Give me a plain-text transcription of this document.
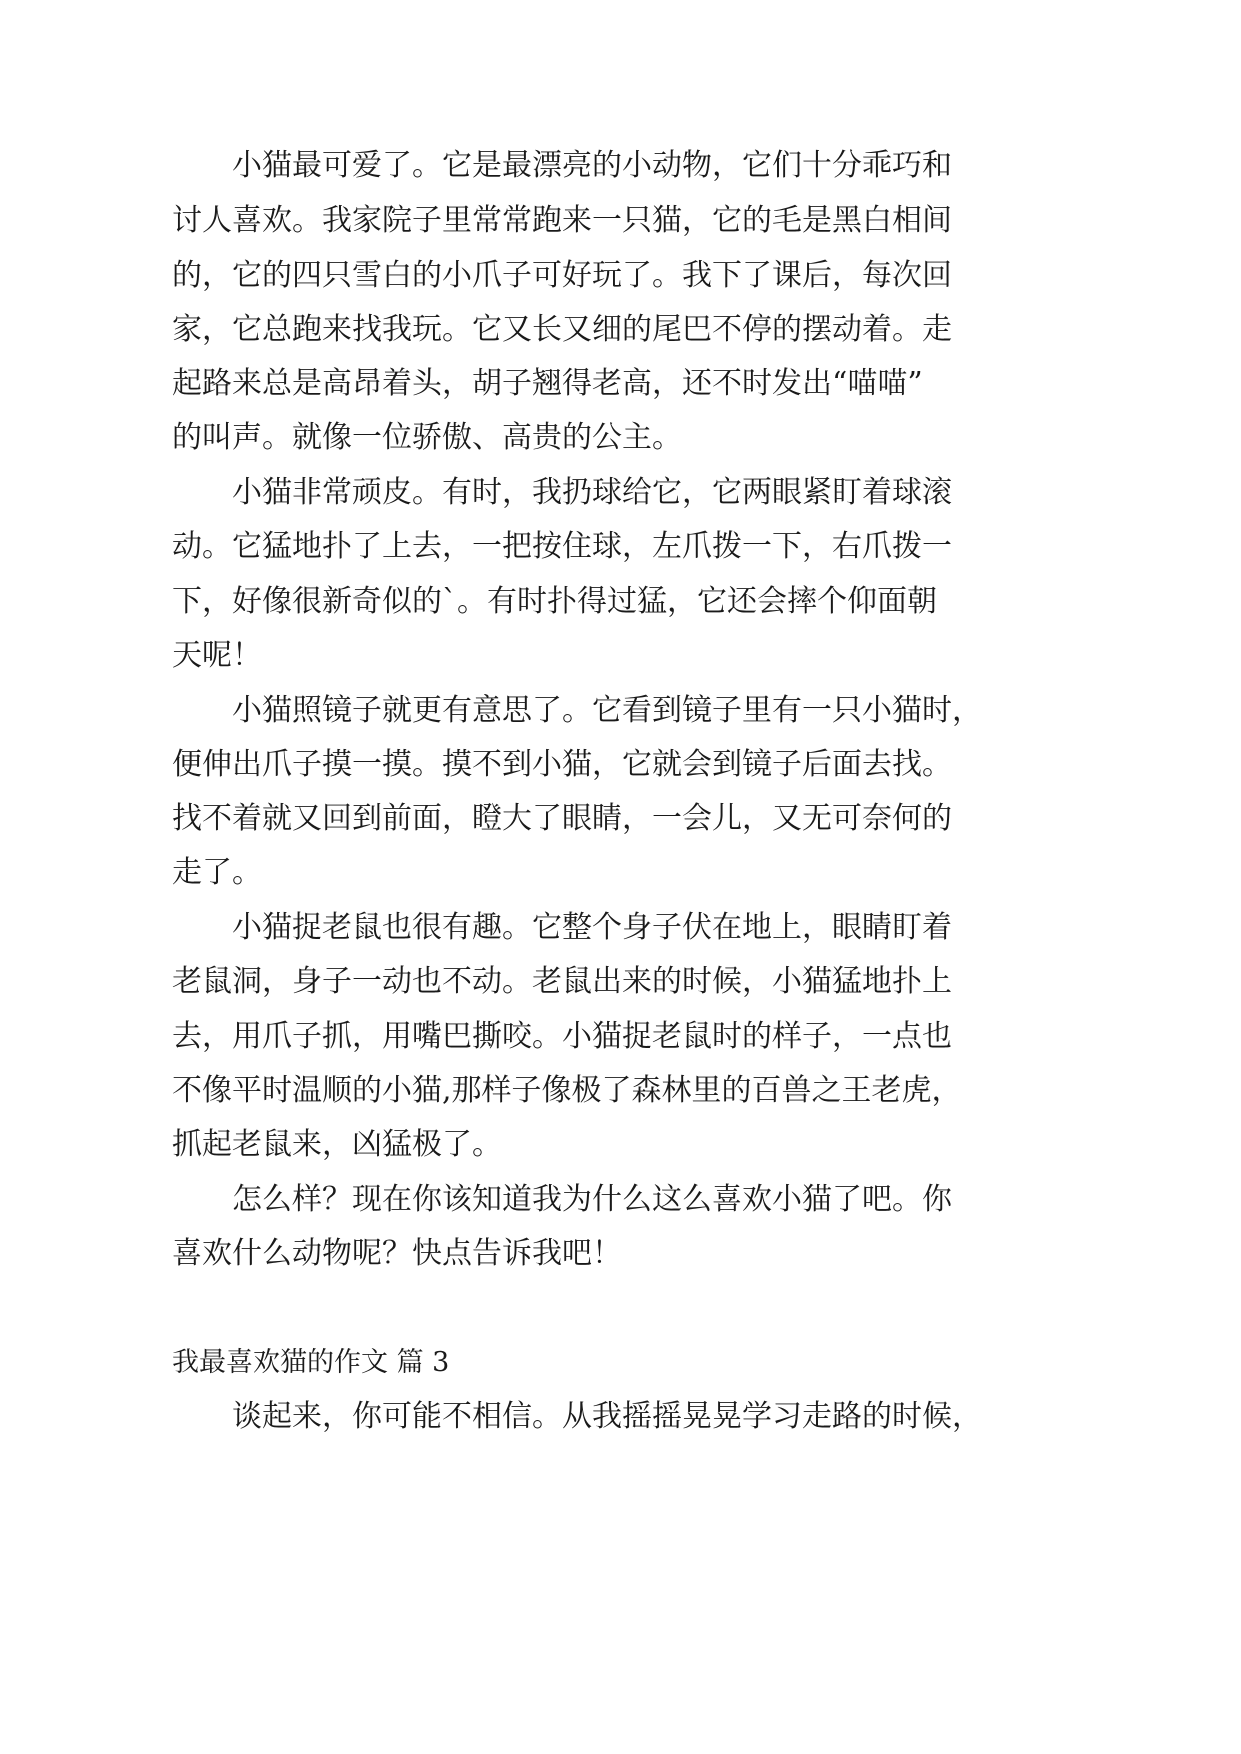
小猫最可爱了。它是最漂亮的小动物，它们十分乖巧和

讨人喜欢。我家院子里常常跑来一只猫，它的毛是黑白相间

的，它的四只雪白的小爪子可好玩了。我下了课后，每次回

家，它总跑来找我玩。它又长又细的尾巴不停的摆动着。走

起路来总是高昂着头，胡子翘得老高，还不时发出“喵喵”

的叫声。就像一位骄傲、高贵的公主。

小猫非常顽皮。有时，我扔球给它，它两眼紧盯着球滚

动。它猛地扑了上去，一把按住球，左爪拨一下，右爪拨一

下，好像很新奇似的`。有时扑得过猛，它还会摔个仰面朝

天呢！

小猫照镜子就更有意思了。它看到镜子里有一只小猫时，

便伸出爪子摸一摸。摸不到小猫，它就会到镜子后面去找。

找不着就又回到前面，瞪大了眼睛，一会儿，又无可奈何的

走了。

小猫捉老鼠也很有趣。它整个身子伏在地上，眼睛盯着

老鼠洞，身子一动也不动。老鼠出来的时候，小猫猛地扑上

去，用爪子抓，用嘴巴撕咬。小猫捉老鼠时的样子，一点也

不像平时温顺的小猫,那样子像极了森林里的百兽之王老虎，

抓起老鼠来，凶猛极了。

怎么样？现在你该知道我为什么这么喜欢小猫了吧。你

喜欢什么动物呢？快点告诉我吧！

我最喜欢猫的作文 篇 3

谈起来，你可能不相信。从我摇摇晃晃学习走路的时候，
